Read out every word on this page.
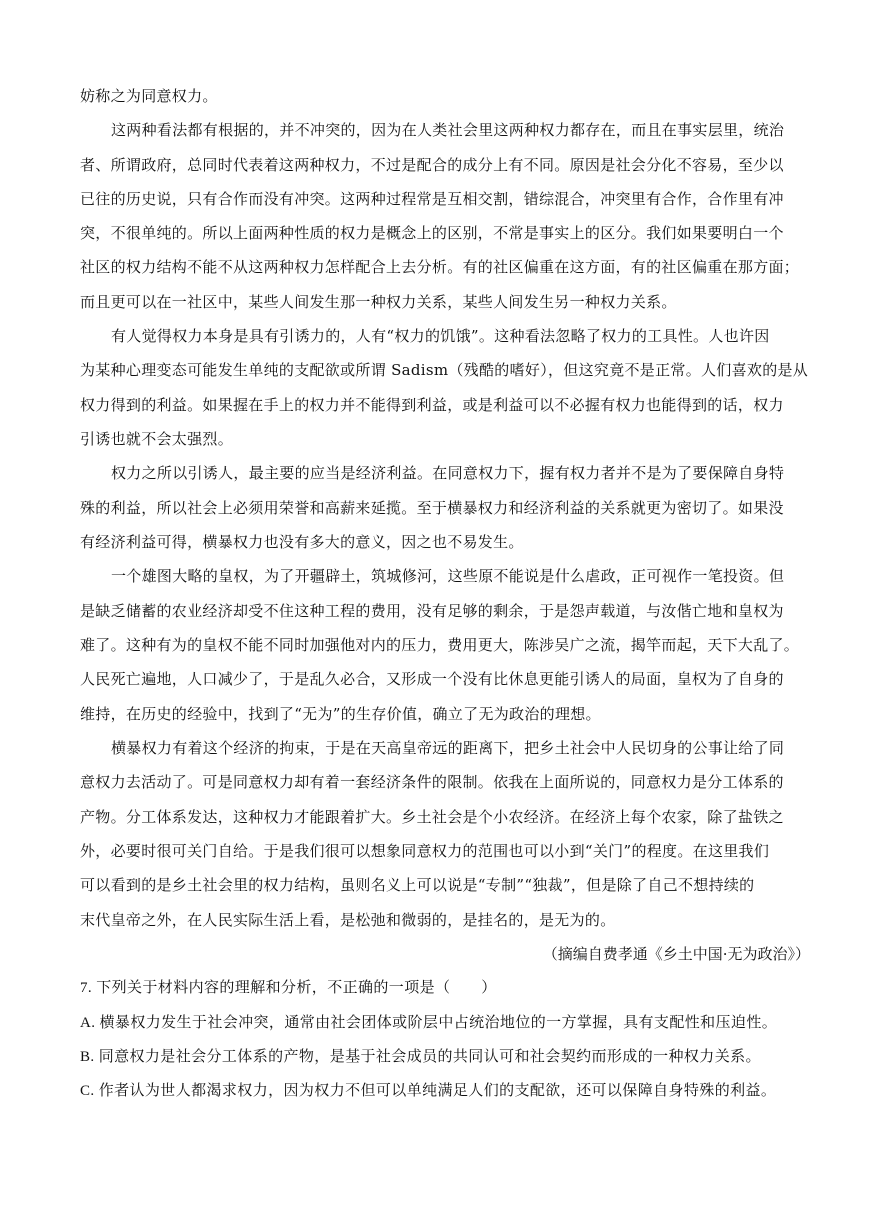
妨称之为同意权力。
这两种看法都有根据的，并不冲突的，因为在人类社会里这两种权力都存在，而且在事实层里，统治
者、所谓政府，总同时代表着这两种权力，不过是配合的成分上有不同。原因是社会分化不容易，至少以
已往的历史说，只有合作而没有冲突。这两种过程常是互相交割，错综混合，冲突里有合作，合作里有冲
突，不很单纯的。所以上面两种性质的权力是概念上的区别，不常是事实上的区分。我们如果要明白一个
社区的权力结构不能不从这两种权力怎样配合上去分析。有的社区偏重在这方面，有的社区偏重在那方面；
而且更可以在一社区中，某些人间发生那一种权力关系，某些人间发生另一种权力关系。
有人觉得权力本身是具有引诱力的，人有“权力的饥饿”。这种看法忽略了权力的工具性。人也许因
为某种心理变态可能发生单纯的支配欲或所谓 Sadism（残酷的嗜好），但这究竟不是正常。人们喜欢的是从
权力得到的利益。如果握在手上的权力并不能得到利益，或是利益可以不必握有权力也能得到的话，权力
引诱也就不会太强烈。
权力之所以引诱人，最主要的应当是经济利益。在同意权力下，握有权力者并不是为了要保障自身特
殊的利益，所以社会上必须用荣誉和高薪来延揽。至于横暴权力和经济利益的关系就更为密切了。如果没
有经济利益可得，横暴权力也没有多大的意义，因之也不易发生。
一个雄图大略的皇权，为了开疆辟土，筑城修河，这些原不能说是什么虐政，正可视作一笔投资。但
是缺乏储蓄的农业经济却受不住这种工程的费用，没有足够的剩余，于是怨声载道，与汝偕亡地和皇权为
难了。这种有为的皇权不能不同时加强他对内的压力，费用更大，陈涉吴广之流，揭竿而起，天下大乱了。
人民死亡遍地，人口减少了，于是乱久必合，又形成一个没有比休息更能引诱人的局面，皇权为了自身的
维持，在历史的经验中，找到了“无为”的生存价值，确立了无为政治的理想。
横暴权力有着这个经济的拘束，于是在天高皇帝远的距离下，把乡土社会中人民切身的公事让给了同
意权力去活动了。可是同意权力却有着一套经济条件的限制。依我在上面所说的，同意权力是分工体系的
产物。分工体系发达，这种权力才能跟着扩大。乡土社会是个小农经济。在经济上每个农家，除了盐铁之
外，必要时很可关门自给。于是我们很可以想象同意权力的范围也可以小到“关门”的程度。在这里我们
可以看到的是乡土社会里的权力结构，虽则名义上可以说是“专制”“独裁”，但是除了自己不想持续的
末代皇帝之外，在人民实际生活上看，是松弛和微弱的，是挂名的，是无为的。
（摘编自费孝通《乡土中国·无为政治》）
7. 下列关于材料内容的理解和分析，不正确的一项是（　　）
A. 横暴权力发生于社会冲突，通常由社会团体或阶层中占统治地位的一方掌握，具有支配性和压迫性。
B. 同意权力是社会分工体系的产物，是基于社会成员的共同认可和社会契约而形成的一种权力关系。
C. 作者认为世人都渴求权力，因为权力不但可以单纯满足人们的支配欲，还可以保障自身特殊的利益。
